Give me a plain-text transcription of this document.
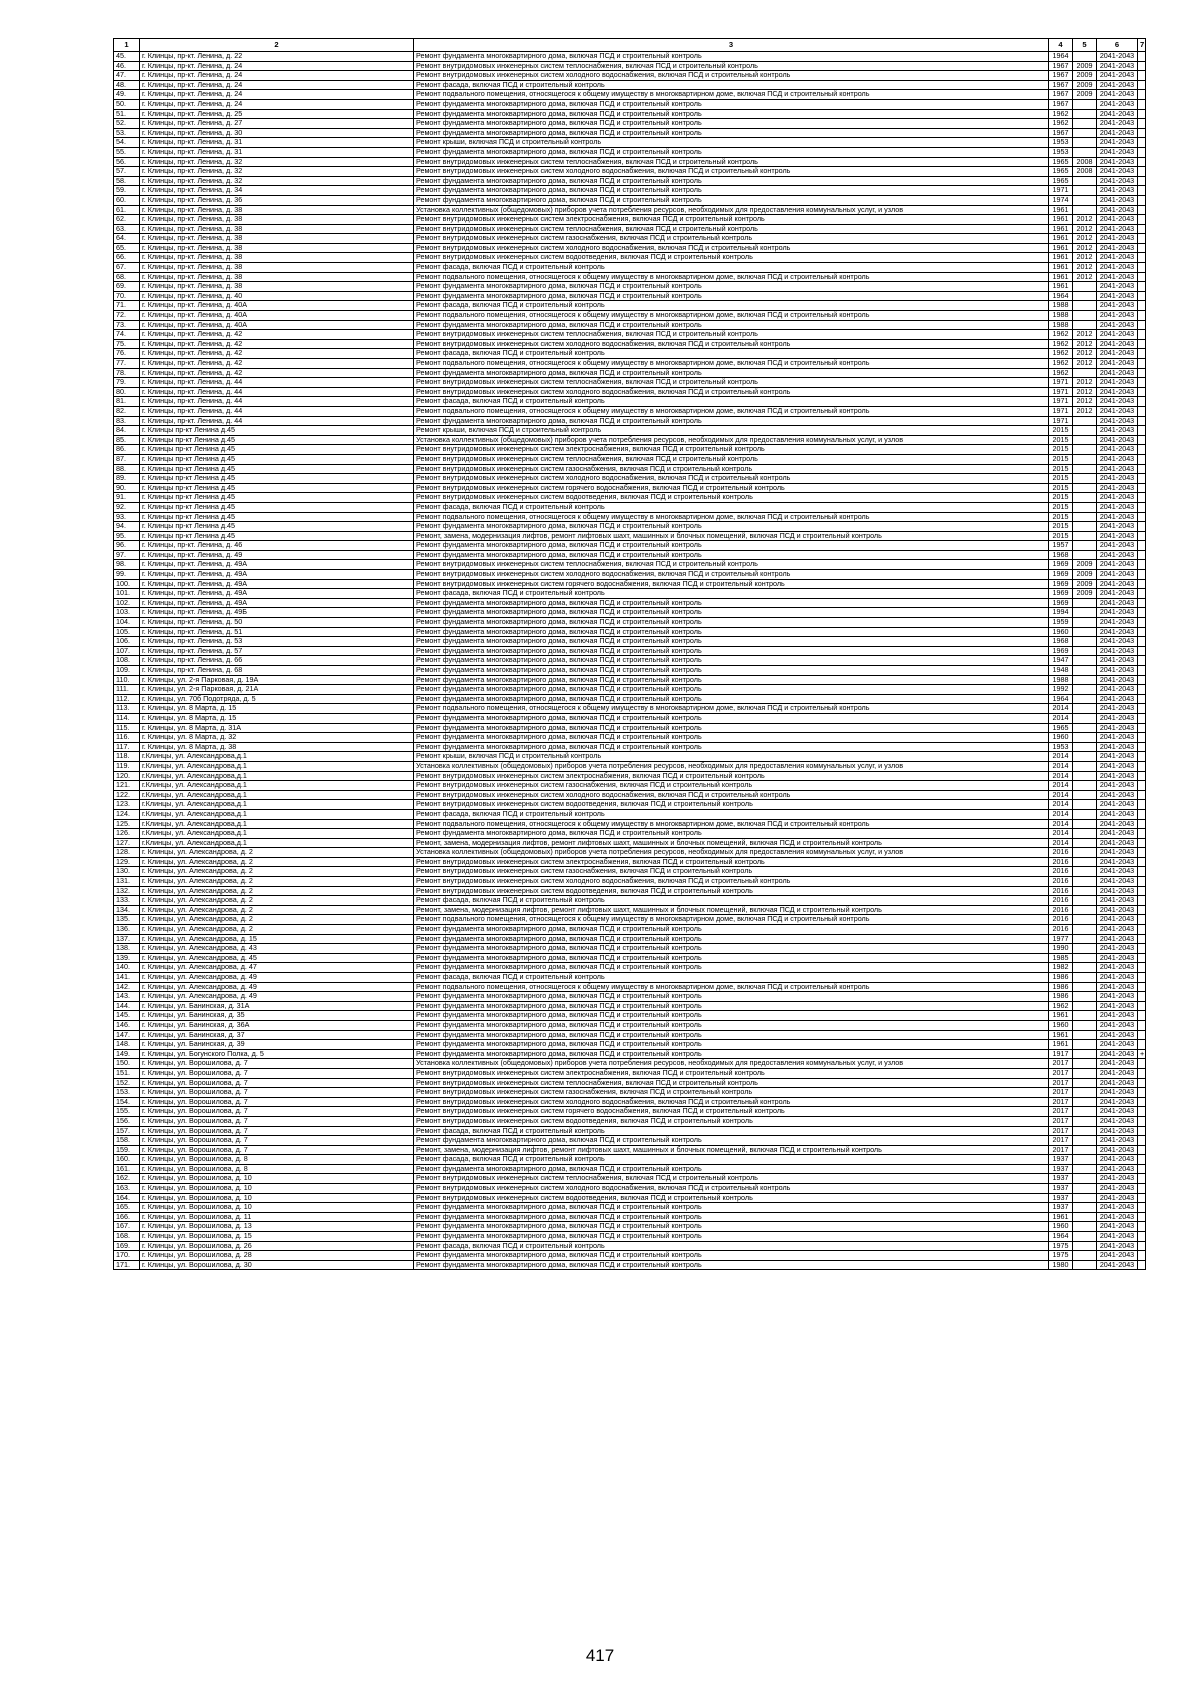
1	2	3	4	5	6	7
45.	г. Клинцы, пр-кт. Ленина, д. 22	Ремонт фундамента многоквартирного дома, включая ПСД и строительный контроль	1964		2041-2043	
46.	г. Клинцы, пр-кт. Ленина, д. 24	Ремонт внутридомовых инженерных систем теплоснабжения, включая ПСД и строительный контроль	1967	2009	2041-2043	
47.	г. Клинцы, пр-кт. Ленина, д. 24	Ремонт внутридомовых инженерных систем холодного водоснабжения, включая ПСД и строительный контроль	1967	2009	2041-2043	
48.	г. Клинцы, пр-кт. Ленина, д. 24	Ремонт фасада, включая ПСД и строительный контроль	1967	2009	2041-2043	
49.	г. Клинцы, пр-кт. Ленина, д. 24	Ремонт подвального помещения, относящегося к общему имуществу в многоквартирном доме, включая ПСД и строительный контроль	1967	2009	2041-2043	
50.	г. Клинцы, пр-кт. Ленина, д. 24	Ремонт фундамента многоквартирного дома, включая ПСД и строительный контроль	1967		2041-2043	
51.	г. Клинцы, пр-кт. Ленина, д. 25	Ремонт фундамента многоквартирного дома, включая ПСД и строительный контроль	1962		2041-2043	
52.	г. Клинцы, пр-кт. Ленина, д. 27	Ремонт фундамента многоквартирного дома, включая ПСД и строительный контроль	1962		2041-2043	
53.	г. Клинцы, пр-кт. Ленина, д. 30	Ремонт фундамента многоквартирного дома, включая ПСД и строительный контроль	1967		2041-2043	
54.	г. Клинцы, пр-кт. Ленина, д. 31	Ремонт крыши, включая ПСД и строительный контроль	1953		2041-2043	
55.	г. Клинцы, пр-кт. Ленина, д. 31	Ремонт фундамента многоквартирного дома, включая ПСД и строительный контроль	1953		2041-2043	
56.	г. Клинцы, пр-кт. Ленина, д. 32	Ремонт внутридомовых инженерных систем теплоснабжения, включая ПСД и строительный контроль	1965	2008	2041-2043	
57.	г. Клинцы, пр-кт. Ленина, д. 32	Ремонт внутридомовых инженерных систем холодного водоснабжения, включая ПСД и строительный контроль	1965	2008	2041-2043	
58.	г. Клинцы, пр-кт. Ленина, д. 32	Ремонт фундамента многоквартирного дома, включая ПСД и строительный контроль	1965		2041-2043	
59.	г. Клинцы, пр-кт. Ленина, д. 34	Ремонт фундамента многоквартирного дома, включая ПСД и строительный контроль	1971		2041-2043	
60.	г. Клинцы, пр-кт. Ленина, д. 36	Ремонт фундамента многоквартирного дома, включая ПСД и строительный контроль	1974		2041-2043	
61.	г. Клинцы, пр-кт. Ленина, д. 38	Установка коллективных (общедомовых) приборов учета потребления ресурсов, необходимых для предоставления коммунальных услуг, и узлов	1961		2041-2043	
62.	г. Клинцы, пр-кт. Ленина, д. 38	Ремонт внутридомовых инженерных систем электроснабжения, включая ПСД и строительный контроль	1961	2012	2041-2043	
63.	г. Клинцы, пр-кт. Ленина, д. 38	Ремонт внутридомовых инженерных систем теплоснабжения, включая ПСД и строительный контроль	1961	2012	2041-2043	
64.	г. Клинцы, пр-кт. Ленина, д. 38	Ремонт внутридомовых инженерных систем газоснабжения, включая ПСД и строительный контроль	1961	2012	2041-2043	
65.	г. Клинцы, пр-кт. Ленина, д. 38	Ремонт внутридомовых инженерных систем холодного водоснабжения, включая ПСД и строительный контроль	1961	2012	2041-2043	
66.	г. Клинцы, пр-кт. Ленина, д. 38	Ремонт внутридомовых инженерных систем водоотведения, включая ПСД и строительный контроль	1961	2012	2041-2043	
67.	г. Клинцы, пр-кт. Ленина, д. 38	Ремонт фасада, включая ПСД и строительный контроль	1961	2012	2041-2043	
68.	г. Клинцы, пр-кт. Ленина, д. 38	Ремонт подвального помещения, относящегося к общему имуществу в многоквартирном доме, включая ПСД и строительный контроль	1961	2012	2041-2043	
69.	г. Клинцы, пр-кт. Ленина, д. 38	Ремонт фундамента многоквартирного дома, включая ПСД и строительный контроль	1961		2041-2043	
70.	г. Клинцы, пр-кт. Ленина, д. 40	Ремонт фундамента многоквартирного дома, включая ПСД и строительный контроль	1964		2041-2043	
71.	г. Клинцы, пр-кт. Ленина, д. 40А	Ремонт фасада, включая ПСД и строительный контроль	1988		2041-2043	
72.	г. Клинцы, пр-кт. Ленина, д. 40А	Ремонт подвального помещения, относящегося к общему имуществу в многоквартирном доме, включая ПСД и строительный контроль	1988		2041-2043	
73.	г. Клинцы, пр-кт. Ленина, д. 40А	Ремонт фундамента многоквартирного дома, включая ПСД и строительный контроль	1988		2041-2043	
74.	г. Клинцы, пр-кт. Ленина, д. 42	Ремонт внутридомовых инженерных систем теплоснабжения, включая ПСД и строительный контроль	1962	2012	2041-2043	
75.	г. Клинцы, пр-кт. Ленина, д. 42	Ремонт внутридомовых инженерных систем холодного водоснабжения, включая ПСД и строительный контроль	1962	2012	2041-2043	
76.	г. Клинцы, пр-кт. Ленина, д. 42	Ремонт фасада, включая ПСД и строительный контроль	1962	2012	2041-2043	
77.	г. Клинцы, пр-кт. Ленина, д. 42	Ремонт подвального помещения, относящегося к общему имуществу в многоквартирном доме, включая ПСД и строительный контроль	1962	2012	2041-2043	
78.	г. Клинцы, пр-кт. Ленина, д. 42	Ремонт фундамента многоквартирного дома, включая ПСД и строительный контроль	1962		2041-2043	
79.	г. Клинцы, пр-кт. Ленина, д. 44	Ремонт внутридомовых инженерных систем теплоснабжения, включая ПСД и строительный контроль	1971	2012	2041-2043	
80.	г. Клинцы, пр-кт. Ленина, д. 44	Ремонт внутридомовых инженерных систем холодного водоснабжения, включая ПСД и строительный контроль	1971	2012	2041-2043	
81.	г. Клинцы, пр-кт. Ленина, д. 44	Ремонт фасада, включая ПСД и строительный контроль	1971	2012	2041-2043	
82.	г. Клинцы, пр-кт. Ленина, д. 44	Ремонт подвального помещения, относящегося к общему имуществу в многоквартирном доме, включая ПСД и строительный контроль	1971	2012	2041-2043	
83.	г. Клинцы, пр-кт. Ленина, д. 44	Ремонт фундамента многоквартирного дома, включая ПСД и строительный контроль	1971		2041-2043	
84.	г. Клинцы пр-кт Ленина д.45	Ремонт крыши, включая ПСД и строительный контроль	2015		2041-2043	
85.	г. Клинцы пр-кт Ленина д.45	Установка коллективных (общедомовых) приборов учета потребления ресурсов, необходимых для предоставления коммунальных услуг, и узлов	2015		2041-2043	
86.	г. Клинцы пр-кт Ленина д.45	Ремонт внутридомовых инженерных систем электроснабжения, включая ПСД и строительный контроль	2015		2041-2043	
87.	г. Клинцы пр-кт Ленина д.45	Ремонт внутридомовых инженерных систем теплоснабжения, включая ПСД и строительный контроль	2015		2041-2043	
88.	г. Клинцы пр-кт Ленина д.45	Ремонт внутридомовых инженерных систем газоснабжения, включая ПСД и строительный контроль	2015		2041-2043	
89.	г. Клинцы пр-кт Ленина д.45	Ремонт внутридомовых инженерных систем холодного водоснабжения, включая ПСД и строительный контроль	2015		2041-2043	
90.	г. Клинцы пр-кт Ленина д.45	Ремонт внутридомовых инженерных систем горячего водоснабжения, включая ПСД и строительный контроль	2015		2041-2043	
91.	г. Клинцы пр-кт Ленина д.45	Ремонт внутридомовых инженерных систем водоотведения, включая ПСД и строительный контроль	2015		2041-2043	
92.	г. Клинцы пр-кт Ленина д.45	Ремонт фасада, включая ПСД и строительный контроль	2015		2041-2043	
93.	г. Клинцы пр-кт Ленина д.45	Ремонт подвального помещения, относящегося к общему имуществу в многоквартирном доме, включая ПСД и строительный контроль	2015		2041-2043	
94.	г. Клинцы пр-кт Ленина д.45	Ремонт фундамента многоквартирного дома, включая ПСД и строительный контроль	2015		2041-2043	
95.	г. Клинцы пр-кт Ленина д.45	Ремонт, замена, модернизация лифтов, ремонт лифтовых шахт, машинных и блочных помещений, включая ПСД и строительный контроль	2015		2041-2043	
96.	г. Клинцы, пр-кт. Ленина, д. 46	Ремонт фундамента многоквартирного дома, включая ПСД и строительный контроль	1957		2041-2043	
97.	г. Клинцы, пр-кт. Ленина, д. 49	Ремонт фундамента многоквартирного дома, включая ПСД и строительный контроль	1968		2041-2043	
98.	г. Клинцы, пр-кт. Ленина, д. 49А	Ремонт внутридомовых инженерных систем теплоснабжения, включая ПСД и строительный контроль	1969	2009	2041-2043	
99.	г. Клинцы, пр-кт. Ленина, д. 49А	Ремонт внутридомовых инженерных систем холодного водоснабжения, включая ПСД и строительный контроль	1969	2009	2041-2043	
100.	г. Клинцы, пр-кт. Ленина, д. 49А	Ремонт внутридомовых инженерных систем горячего водоснабжения, включая ПСД и строительный контроль	1969	2009	2041-2043	
101.	г. Клинцы, пр-кт. Ленина, д. 49А	Ремонт фасада, включая ПСД и строительный контроль	1969	2009	2041-2043	
102.	г. Клинцы, пр-кт. Ленина, д. 49А	Ремонт фундамента многоквартирного дома, включая ПСД и строительный контроль	1969		2041-2043	
103.	г. Клинцы, пр-кт. Ленина, д. 49Б	Ремонт фундамента многоквартирного дома, включая ПСД и строительный контроль	1994		2041-2043	
104.	г. Клинцы, пр-кт. Ленина, д. 50	Ремонт фундамента многоквартирного дома, включая ПСД и строительный контроль	1959		2041-2043	
105.	г. Клинцы, пр-кт. Ленина, д. 51	Ремонт фундамента многоквартирного дома, включая ПСД и строительный контроль	1960		2041-2043	
106.	г. Клинцы, пр-кт. Ленина, д. 53	Ремонт фундамента многоквартирного дома, включая ПСД и строительный контроль	1968		2041-2043	
107.	г. Клинцы, пр-кт. Ленина, д. 57	Ремонт фундамента многоквартирного дома, включая ПСД и строительный контроль	1969		2041-2043	
108.	г. Клинцы, пр-кт. Ленина, д. 66	Ремонт фундамента многоквартирного дома, включая ПСД и строительный контроль	1947		2041-2043	
109.	г. Клинцы, пр-кт. Ленина, д. 68	Ремонт фундамента многоквартирного дома, включая ПСД и строительный контроль	1948		2041-2043	
110.	г. Клинцы, ул. 2-я Парковая, д. 19А	Ремонт фундамента многоквартирного дома, включая ПСД и строительный контроль	1988		2041-2043	
111.	г. Клинцы, ул. 2-я Парковая, д. 21А	Ремонт фундамента многоквартирного дома, включая ПСД и строительный контроль	1992		2041-2043	
112.	г. Клинцы, ул. 70б Подотряда, д. 5	Ремонт фундамента многоквартирного дома, включая ПСД и строительный контроль	1964		2041-2043	
113.	г. Клинцы, ул. 8 Марта, д. 15	Ремонт подвального помещения, относящегося к общему имуществу в многоквартирном доме, включая ПСД и строительный контроль	2014		2041-2043	
114.	г. Клинцы, ул. 8 Марта, д. 15	Ремонт фундамента многоквартирного дома, включая ПСД и строительный контроль	2014		2041-2043	
115.	г. Клинцы, ул. 8 Марта, д. 31А	Ремонт фундамента многоквартирного дома, включая ПСД и строительный контроль	1965		2041-2043	
116.	г. Клинцы, ул. 8 Марта, д. 32	Ремонт фундамента многоквартирного дома, включая ПСД и строительный контроль	1960		2041-2043	
117.	г. Клинцы, ул. 8 Марта, д. 38	Ремонт фундамента многоквартирного дома, включая ПСД и строительный контроль	1953		2041-2043	
118.	г.Клинцы, ул. Александрова,д.1	Ремонт крыши, включая ПСД и строительный контроль	2014		2041-2043	
119.	г.Клинцы, ул. Александрова,д.1	Установка коллективных (общедомовых) приборов учета потребления ресурсов, необходимых для предоставления коммунальных услуг, и узлов	2014		2041-2043	
120.	г.Клинцы, ул. Александрова,д.1	Ремонт внутридомовых инженерных систем электроснабжения, включая ПСД и строительный контроль	2014		2041-2043	
121.	г.Клинцы, ул. Александрова,д.1	Ремонт внутридомовых инженерных систем газоснабжения, включая ПСД и строительный контроль	2014		2041-2043	
122.	г.Клинцы, ул. Александрова,д.1	Ремонт внутридомовых инженерных систем холодного водоснабжения, включая ПСД и строительный контроль	2014		2041-2043	
123.	г.Клинцы, ул. Александрова,д.1	Ремонт внутридомовых инженерных систем водоотведения, включая ПСД и строительный контроль	2014		2041-2043	
124.	г.Клинцы, ул. Александрова,д.1	Ремонт фасада, включая ПСД и строительный контроль	2014		2041-2043	
125.	г.Клинцы, ул. Александрова,д.1	Ремонт подвального помещения, относящегося к общему имуществу в многоквартирном доме, включая ПСД и строительный контроль	2014		2041-2043	
126.	г.Клинцы, ул. Александрова,д.1	Ремонт фундамента многоквартирного дома, включая ПСД и строительный контроль	2014		2041-2043	
127.	г.Клинцы, ул. Александрова,д.1	Ремонт, замена, модернизация лифтов, ремонт лифтовых шахт, машинных и блочных помещений, включая ПСД и строительный контроль	2014		2041-2043	
128.	г. Клинцы, ул. Александрова, д. 2	Установка коллективных (общедомовых) приборов учета потребления ресурсов, необходимых для предоставления коммунальных услуг, и узлов	2016		2041-2043	
129.	г. Клинцы, ул. Александрова, д. 2	Ремонт внутридомовых инженерных систем электроснабжения, включая ПСД и строительный контроль	2016		2041-2043	
130.	г. Клинцы, ул. Александрова, д. 2	Ремонт внутридомовых инженерных систем газоснабжения, включая ПСД и строительный контроль	2016		2041-2043	
131.	г. Клинцы, ул. Александрова, д. 2	Ремонт внутридомовых инженерных систем холодного водоснабжения, включая ПСД и строительный контроль	2016		2041-2043	
132.	г. Клинцы, ул. Александрова, д. 2	Ремонт внутридомовых инженерных систем водоотведения, включая ПСД и строительный контроль	2016		2041-2043	
133.	г. Клинцы, ул. Александрова, д. 2	Ремонт фасада, включая ПСД и строительный контроль	2016		2041-2043	
134.	г. Клинцы, ул. Александрова, д. 2	Ремонт, замена, модернизация лифтов, ремонт лифтовых шахт, машинных и блочных помещений, включая ПСД и строительный контроль	2016		2041-2043	
135.	г. Клинцы, ул. Александрова, д. 2	Ремонт подвального помещения, относящегося к общему имуществу в многоквартирном доме, включая ПСД и строительный контроль	2016		2041-2043	
136.	г. Клинцы, ул. Александрова, д. 2	Ремонт фундамента многоквартирного дома, включая ПСД и строительный контроль	2016		2041-2043	
137.	г. Клинцы, ул. Александрова, д. 15	Ремонт фундамента многоквартирного дома, включая ПСД и строительный контроль	1977		2041-2043	
138.	г. Клинцы, ул. Александрова, д. 43	Ремонт фундамента многоквартирного дома, включая ПСД и строительный контроль	1990		2041-2043	
139.	г. Клинцы, ул. Александрова, д. 45	Ремонт фундамента многоквартирного дома, включая ПСД и строительный контроль	1985		2041-2043	
140.	г. Клинцы, ул. Александрова, д. 47	Ремонт фундамента многоквартирного дома, включая ПСД и строительный контроль	1982		2041-2043	
141.	г. Клинцы, ул. Александрова, д. 49	Ремонт фасада, включая ПСД и строительный контроль	1986		2041-2043	
142.	г. Клинцы, ул. Александрова, д. 49	Ремонт подвального помещения, относящегося к общему имуществу в многоквартирном доме, включая ПСД и строительный контроль	1986		2041-2043	
143.	г. Клинцы, ул. Александрова, д. 49	Ремонт фундамента многоквартирного дома, включая ПСД и строительный контроль	1986		2041-2043	
144.	г. Клинцы, ул. Банинская, д. 31А	Ремонт фундамента многоквартирного дома, включая ПСД и строительный контроль	1962		2041-2043	
145.	г. Клинцы, ул. Банинская, д. 35	Ремонт фундамента многоквартирного дома, включая ПСД и строительный контроль	1961		2041-2043	
146.	г. Клинцы, ул. Банинская, д. 36А	Ремонт фундамента многоквартирного дома, включая ПСД и строительный контроль	1960		2041-2043	
147.	г. Клинцы, ул. Банинская, д. 37	Ремонт фундамента многоквартирного дома, включая ПСД и строительный контроль	1961		2041-2043	
148.	г. Клинцы, ул. Банинская, д. 39	Ремонт фундамента многоквартирного дома, включая ПСД и строительный контроль	1961		2041-2043	
149.	г. Клинцы, ул. Богунского Полка, д. 5	Ремонт фундамента многоквартирного дома, включая ПСД и строительный контроль	1917		2041-2043	+
150.	г. Клинцы, ул. Ворошилова, д. 7	Установка коллективных (общедомовых) приборов учета потребления ресурсов, необходимых для предоставления коммунальных услуг, и узлов	2017		2041-2043	
151.	г. Клинцы, ул. Ворошилова, д. 7	Ремонт внутридомовых инженерных систем электроснабжения, включая ПСД и строительный контроль	2017		2041-2043	
152.	г. Клинцы, ул. Ворошилова, д. 7	Ремонт внутридомовых инженерных систем теплоснабжения, включая ПСД и строительный контроль	2017		2041-2043	
153.	г. Клинцы, ул. Ворошилова, д. 7	Ремонт внутридомовых инженерных систем газоснабжения, включая ПСД и строительный контроль	2017		2041-2043	
154.	г. Клинцы, ул. Ворошилова, д. 7	Ремонт внутридомовых инженерных систем холодного водоснабжения, включая ПСД и строительный контроль	2017		2041-2043	
155.	г. Клинцы, ул. Ворошилова, д. 7	Ремонт внутридомовых инженерных систем горячего водоснабжения, включая ПСД и строительный контроль	2017		2041-2043	
156.	г. Клинцы, ул. Ворошилова, д. 7	Ремонт внутридомовых инженерных систем водоотведения, включая ПСД и строительный контроль	2017		2041-2043	
157.	г. Клинцы, ул. Ворошилова, д. 7	Ремонт фасада, включая ПСД и строительный контроль	2017		2041-2043	
158.	г. Клинцы, ул. Ворошилова, д. 7	Ремонт фундамента многоквартирного дома, включая ПСД и строительный контроль	2017		2041-2043	
159.	г. Клинцы, ул. Ворошилова, д. 7	Ремонт, замена, модернизация лифтов, ремонт лифтовых шахт, машинных и блочных помещений, включая ПСД и строительный контроль	2017		2041-2043	
160.	г. Клинцы, ул. Ворошилова, д. 8	Ремонт фасада, включая ПСД и строительный контроль	1937		2041-2043	
161.	г. Клинцы, ул. Ворошилова, д. 8	Ремонт фундамента многоквартирного дома, включая ПСД и строительный контроль	1937		2041-2043	
162.	г. Клинцы, ул. Ворошилова, д. 10	Ремонт внутридомовых инженерных систем теплоснабжения, включая ПСД и строительный контроль	1937		2041-2043	
163.	г. Клинцы, ул. Ворошилова, д. 10	Ремонт внутридомовых инженерных систем холодного водоснабжения, включая ПСД и строительный контроль	1937		2041-2043	
164.	г. Клинцы, ул. Ворошилова, д. 10	Ремонт внутридомовых инженерных систем водоотведения, включая ПСД и строительный контроль	1937		2041-2043	
165.	г. Клинцы, ул. Ворошилова, д. 10	Ремонт фундамента многоквартирного дома, включая ПСД и строительный контроль	1937		2041-2043	
166.	г. Клинцы, ул. Ворошилова, д. 11	Ремонт фундамента многоквартирного дома, включая ПСД и строительный контроль	1961		2041-2043	
167.	г. Клинцы, ул. Ворошилова, д. 13	Ремонт фундамента многоквартирного дома, включая ПСД и строительный контроль	1960		2041-2043	
168.	г. Клинцы, ул. Ворошилова, д. 15	Ремонт фундамента многоквартирного дома, включая ПСД и строительный контроль	1964		2041-2043	
169.	г. Клинцы, ул. Ворошилова, д. 26	Ремонт фасада, включая ПСД и строительный контроль	1975		2041-2043	
170.	г. Клинцы, ул. Ворошилова, д. 28	Ремонт фундамента многоквартирного дома, включая ПСД и строительный контроль	1975		2041-2043	
171.	г. Клинцы, ул. Ворошилова, д. 30	Ремонт фундамента многоквартирного дома, включая ПСД и строительный контроль	1980		2041-2043	
417
